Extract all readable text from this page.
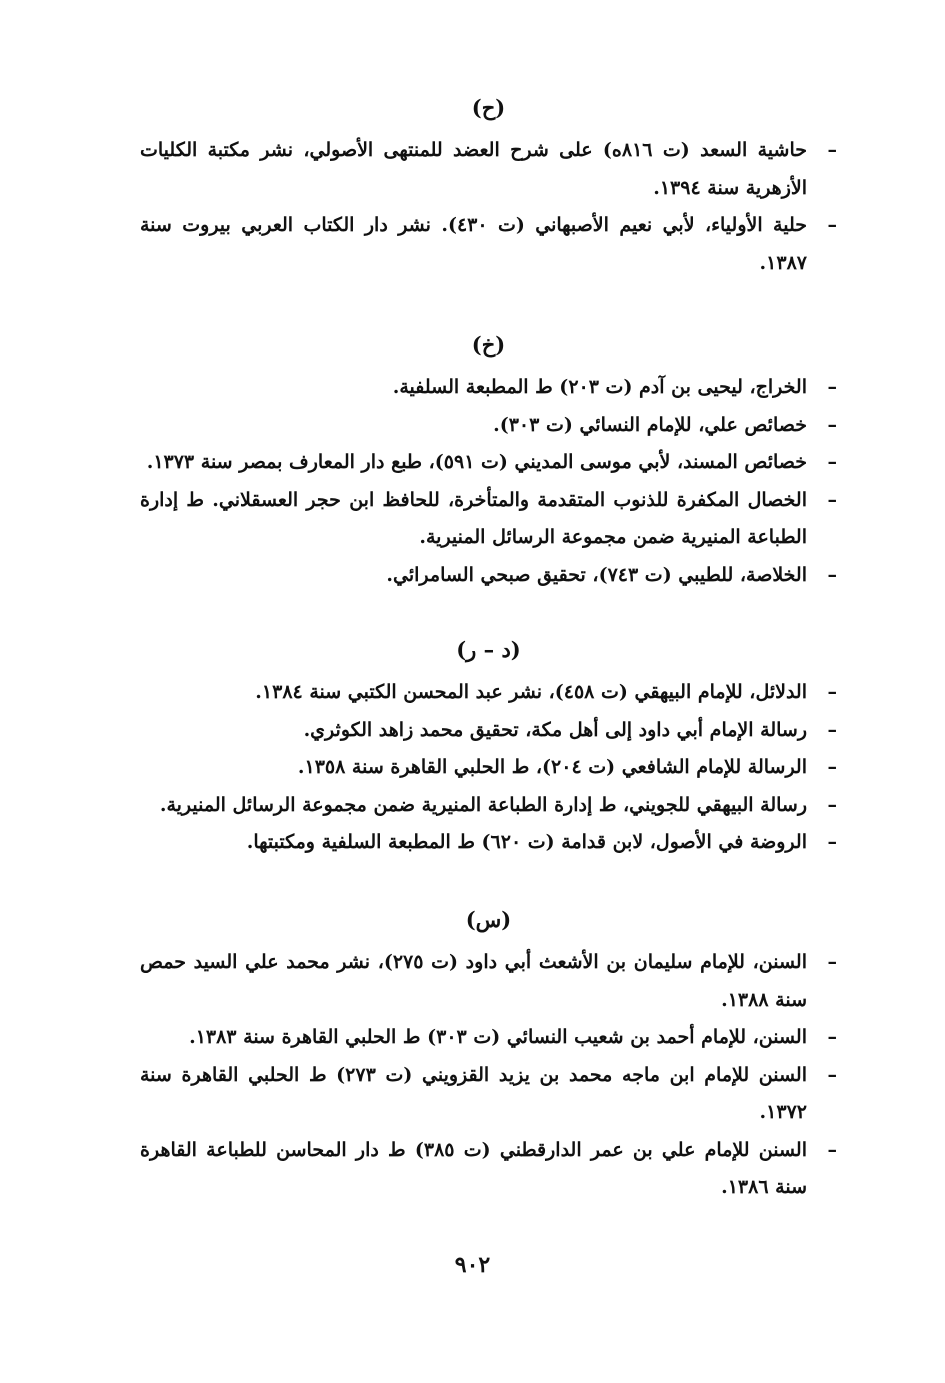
(ح)
–
حاشية السعد (ت ٨١٦ه) على شرح العضد للمنتهى الأصولي، نشر مكتبة الكليات الأزهرية سنة ١٣٩٤.
–
حلية الأولياء، لأبي نعيم الأصبهاني (ت ٤٣٠). نشر دار الكتاب العربي بيروت سنة ١٣٨٧.
(خ)
–
الخراج، ليحيى بن آدم (ت ٢٠٣) ط المطبعة السلفية.
–
خصائص علي، للإمام النسائي (ت ٣٠٣).
–
خصائص المسند، لأبي موسى المديني (ت ٥٩١)، طبع دار المعارف بمصر سنة ١٣٧٣.
–
الخصال المكفرة للذنوب المتقدمة والمتأخرة، للحافظ ابن حجر العسقلاني. ط إدارة الطباعة المنيرية ضمن مجموعة الرسائل المنيرية.
–
الخلاصة، للطيبي (ت ٧٤٣)، تحقيق صبحي السامرائي.
(د – ر)
–
الدلائل، للإمام البيهقي (ت ٤٥٨)، نشر عبد المحسن الكتبي سنة ١٣٨٤.
–
رسالة الإمام أبي داود إلى أهل مكة، تحقيق محمد زاهد الكوثري.
–
الرسالة للإمام الشافعي (ت ٢٠٤)، ط الحلبي القاهرة سنة ١٣٥٨.
–
رسالة البيهقي للجويني، ط إدارة الطباعة المنيرية ضمن مجموعة الرسائل المنيرية.
–
الروضة في الأصول، لابن قدامة (ت ٦٢٠) ط المطبعة السلفية ومكتبتها.
(س)
–
السنن، للإمام سليمان بن الأشعث أبي داود (ت ٢٧٥)، نشر محمد علي السيد حمص سنة ١٣٨٨.
–
السنن، للإمام أحمد بن شعيب النسائي (ت ٣٠٣) ط الحلبي القاهرة سنة ١٣٨٣.
–
السنن للإمام ابن ماجه محمد بن يزيد القزويني (ت ٢٧٣) ط الحلبي القاهرة سنة ١٣٧٢.
–
السنن للإمام علي بن عمر الدارقطني (ت ٣٨٥) ط دار المحاسن للطباعة القاهرة سنة ١٣٨٦.
٩٠٢
